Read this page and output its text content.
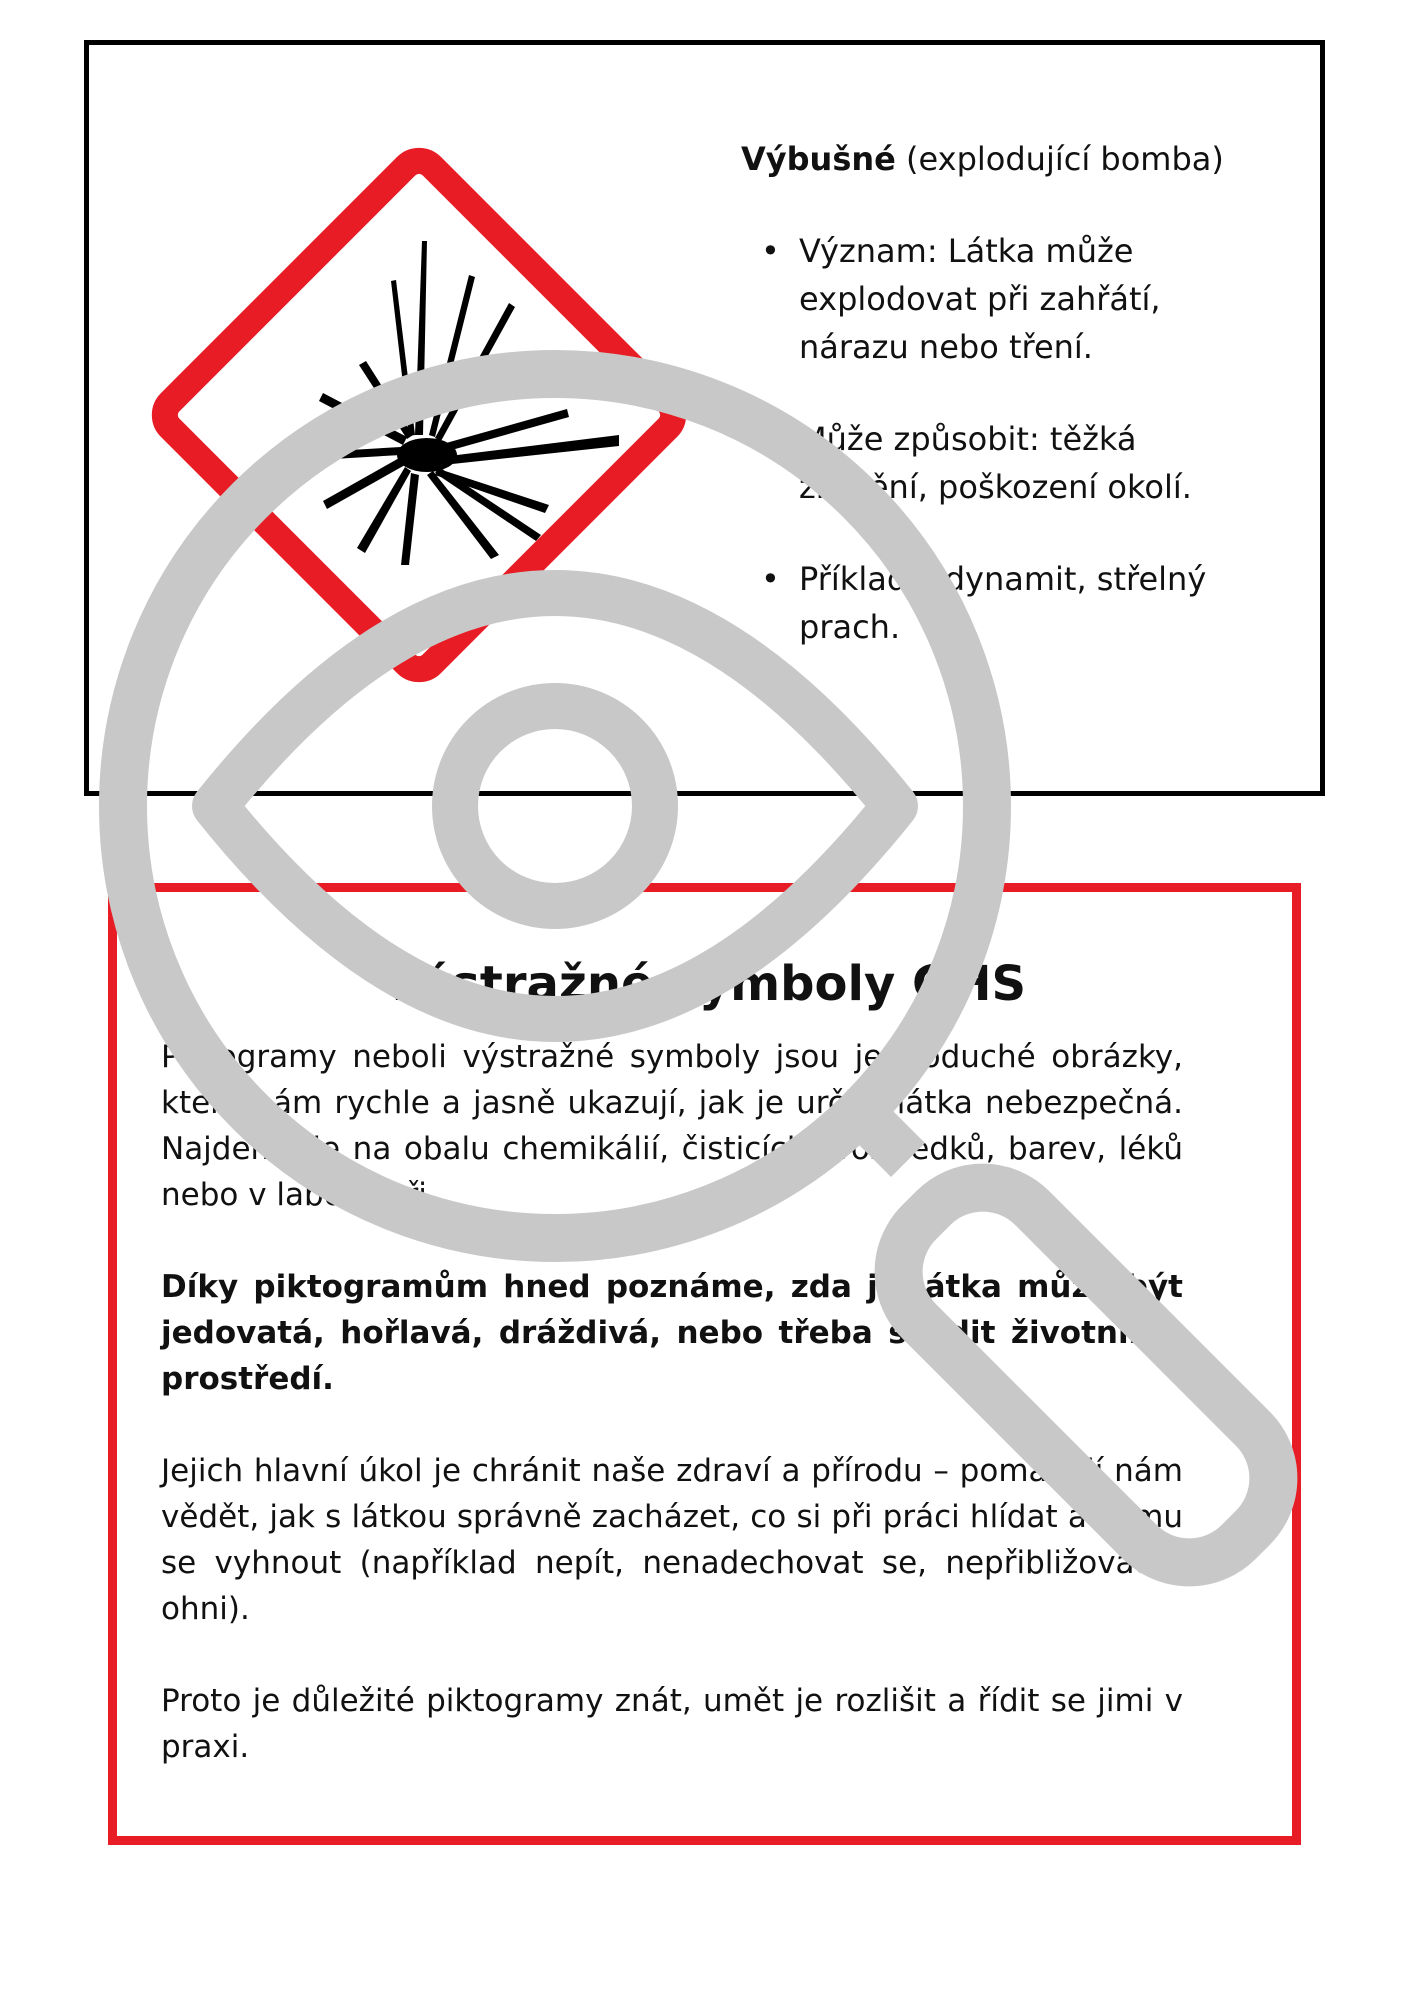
Výbušné (explodující bomba)
• Význam: Látka může explodovat při zahřátí, nárazu nebo tření.
• Může způsobit: těžká zranění, poškození okolí.
• Příklady: dynamit, střelný prach.
Výstražné symboly GHS

Piktogramy neboli výstražné symboly jsou jednoduché obrázky, které nám rychle a jasně ukazují, jak je určitá látka nebezpečná. Najdeme je na obalu chemikálií, čisticích prostředků, barev, léků nebo v laboratoři.

Díky piktogramům hned poznáme, zda je látka může být jedovatá, hořlavá, dráždivá, nebo třeba škodit životnímu prostředí.

Jejich hlavní úkol je chránit naše zdraví a přírodu – pomáhají nám vědět, jak s látkou správně zacházet, co si při práci hlídat a čemu se vyhnout (například nepít, nenadechovat se, nepřibližovat k ohni).

Proto je důležité piktogramy znát, umět je rozlišit a řídit se jimi v praxi.
